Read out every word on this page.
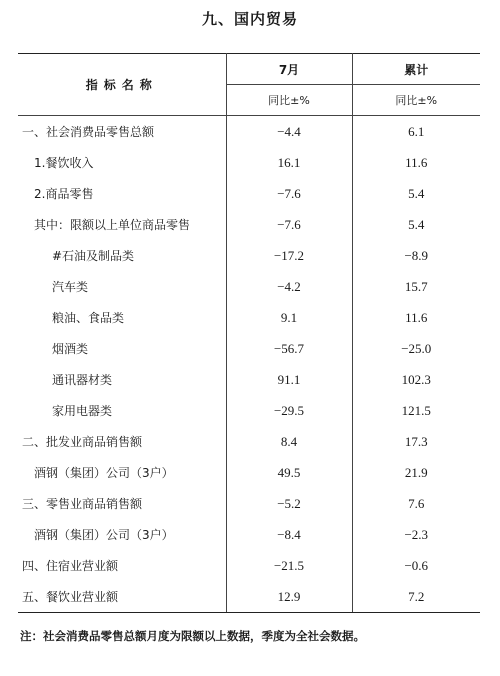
九、国内贸易
指标名称	7月	累计
	同比±%	同比±%
一、社会消费品零售总额	−4.4	6.1
1.餐饮收入	16.1	11.6
2.商品零售	−7.6	5.4
其中：限额以上单位商品零售	−7.6	5.4
#石油及制品类	−17.2	−8.9
汽车类	−4.2	15.7
粮油、食品类	9.1	11.6
烟酒类	−56.7	−25.0
通讯器材类	91.1	102.3
家用电器类	−29.5	121.5
二、批发业商品销售额	8.4	17.3
酒钢（集团）公司（3户）	49.5	21.9
三、零售业商品销售额	−5.2	7.6
酒钢（集团）公司（3户）	−8.4	−2.3
四、住宿业营业额	−21.5	−0.6
五、餐饮业营业额	12.9	7.2
注：社会消费品零售总额月度为限额以上数据，季度为全社会数据。
